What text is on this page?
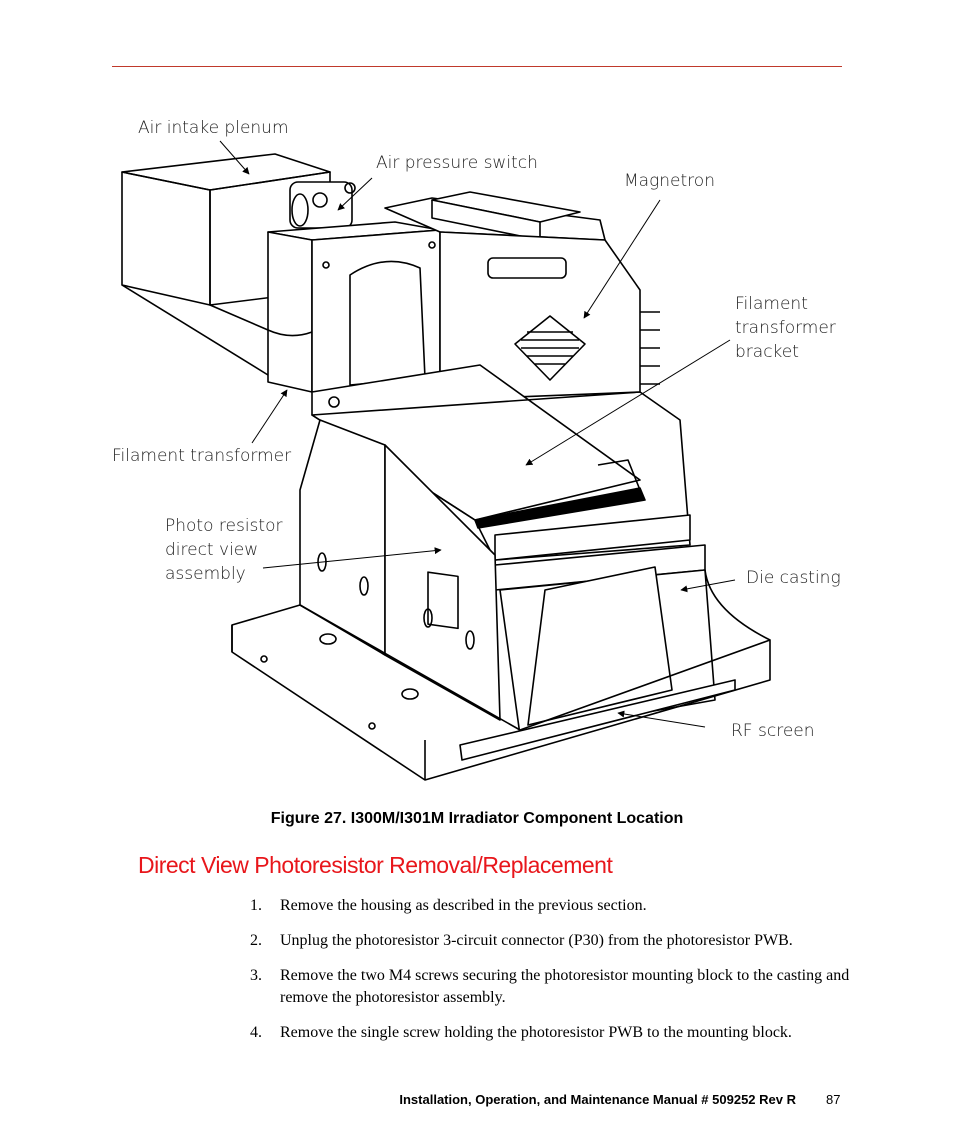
Air intake plenum
Air pressure switch
Magnetron
Filament
transformer
bracket
Filament transformer
Photo resistor
direct view
assembly	Die casting
RF screen
Figure 27. I300M/I301M Irradiator Component Location
Direct View Photoresistor Removal/Replacement
1.	Remove the housing as described in the previous section.
2.	Unplug the photoresistor 3-circuit connector (P30) from the photoresistor PWB.
3.	Remove the two M4 screws securing the photoresistor mounting block to the casting and remove the photoresistor assembly.
4.	Remove the single screw holding the photoresistor PWB to the mounting block.
Installation, Operation, and Maintenance Manual # 509252 Rev R 87
